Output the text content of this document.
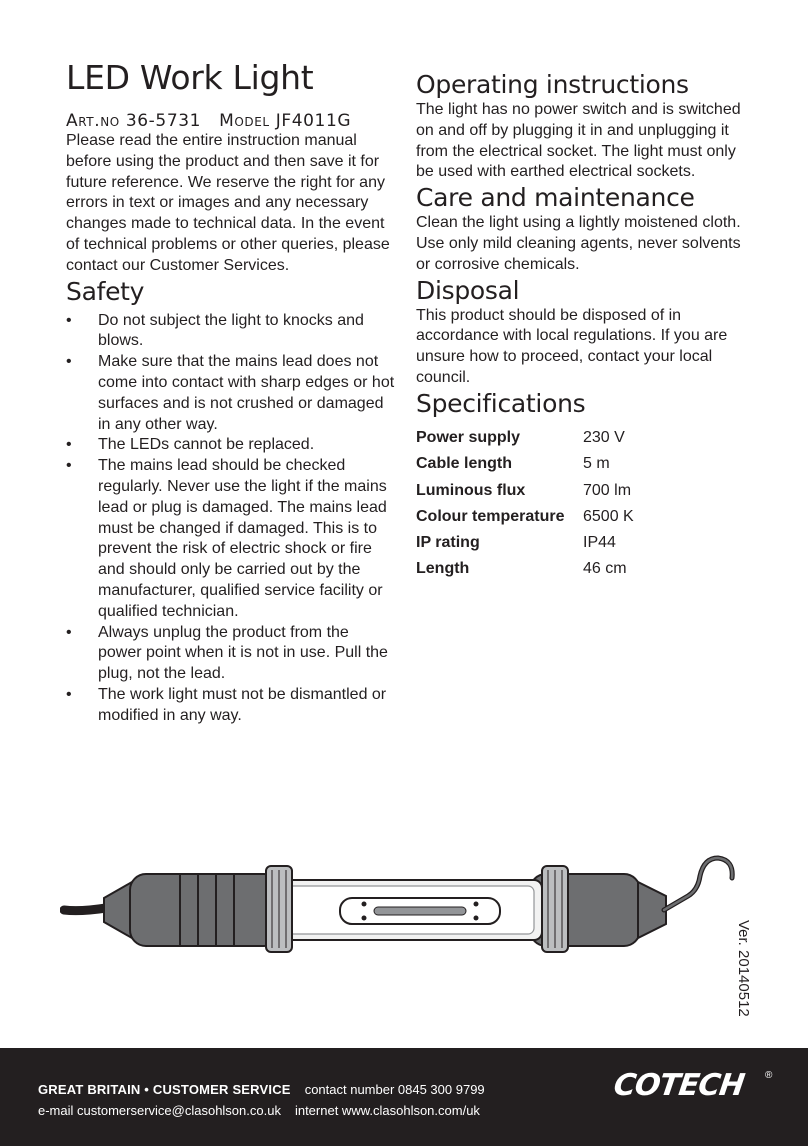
LED Work Light
Art.no 36-5731 Model JF4011G

Please read the entire instruction manual before using the product and then save it for future reference. We reserve the right for any errors in text or images and any necessary changes made to technical data. In the event of technical problems or other queries, please contact our Customer Services.

Safety
• Do not subject the light to knocks and blows.
• Make sure that the mains lead does not come into contact with sharp edges or hot surfaces and is not crushed or damaged in any other way.
• The LEDs cannot be replaced.
• The mains lead should be checked regularly. Never use the light if the mains lead or plug is damaged. The mains lead must be changed if damaged. This is to prevent the risk of electric shock or fire and should only be carried out by the manufacturer, qualified service facility or qualified technician.
• Always unplug the product from the power point when it is not in use. Pull the plug, not the lead.
• The work light must not be dismantled or modified in any way.
Operating instructions

The light has no power switch and is switched on and off by plugging it in and unplugging it from the electrical socket. The light must only be used with earthed electrical sockets.

Care and maintenance

Clean the light using a lightly moistened cloth. Use only mild cleaning agents, never solvents or corrosive chemicals.

Disposal

This product should be disposed of in accordance with local regulations. If you are unsure how to proceed, contact your local council.

Specifications
Power supply	230 V
Cable length	5 m
Luminous flux	700 lm
Colour temperature	6500 K
IP rating	IP44
Length	46 cm
Ver. 20140512
GREAT BRITAIN • CUSTOMER SERVICE contact number 0845 300 9799
e-mail customerservice@clasohlson.co.uk internet www.clasohlson.com/uk
COTECH ®
